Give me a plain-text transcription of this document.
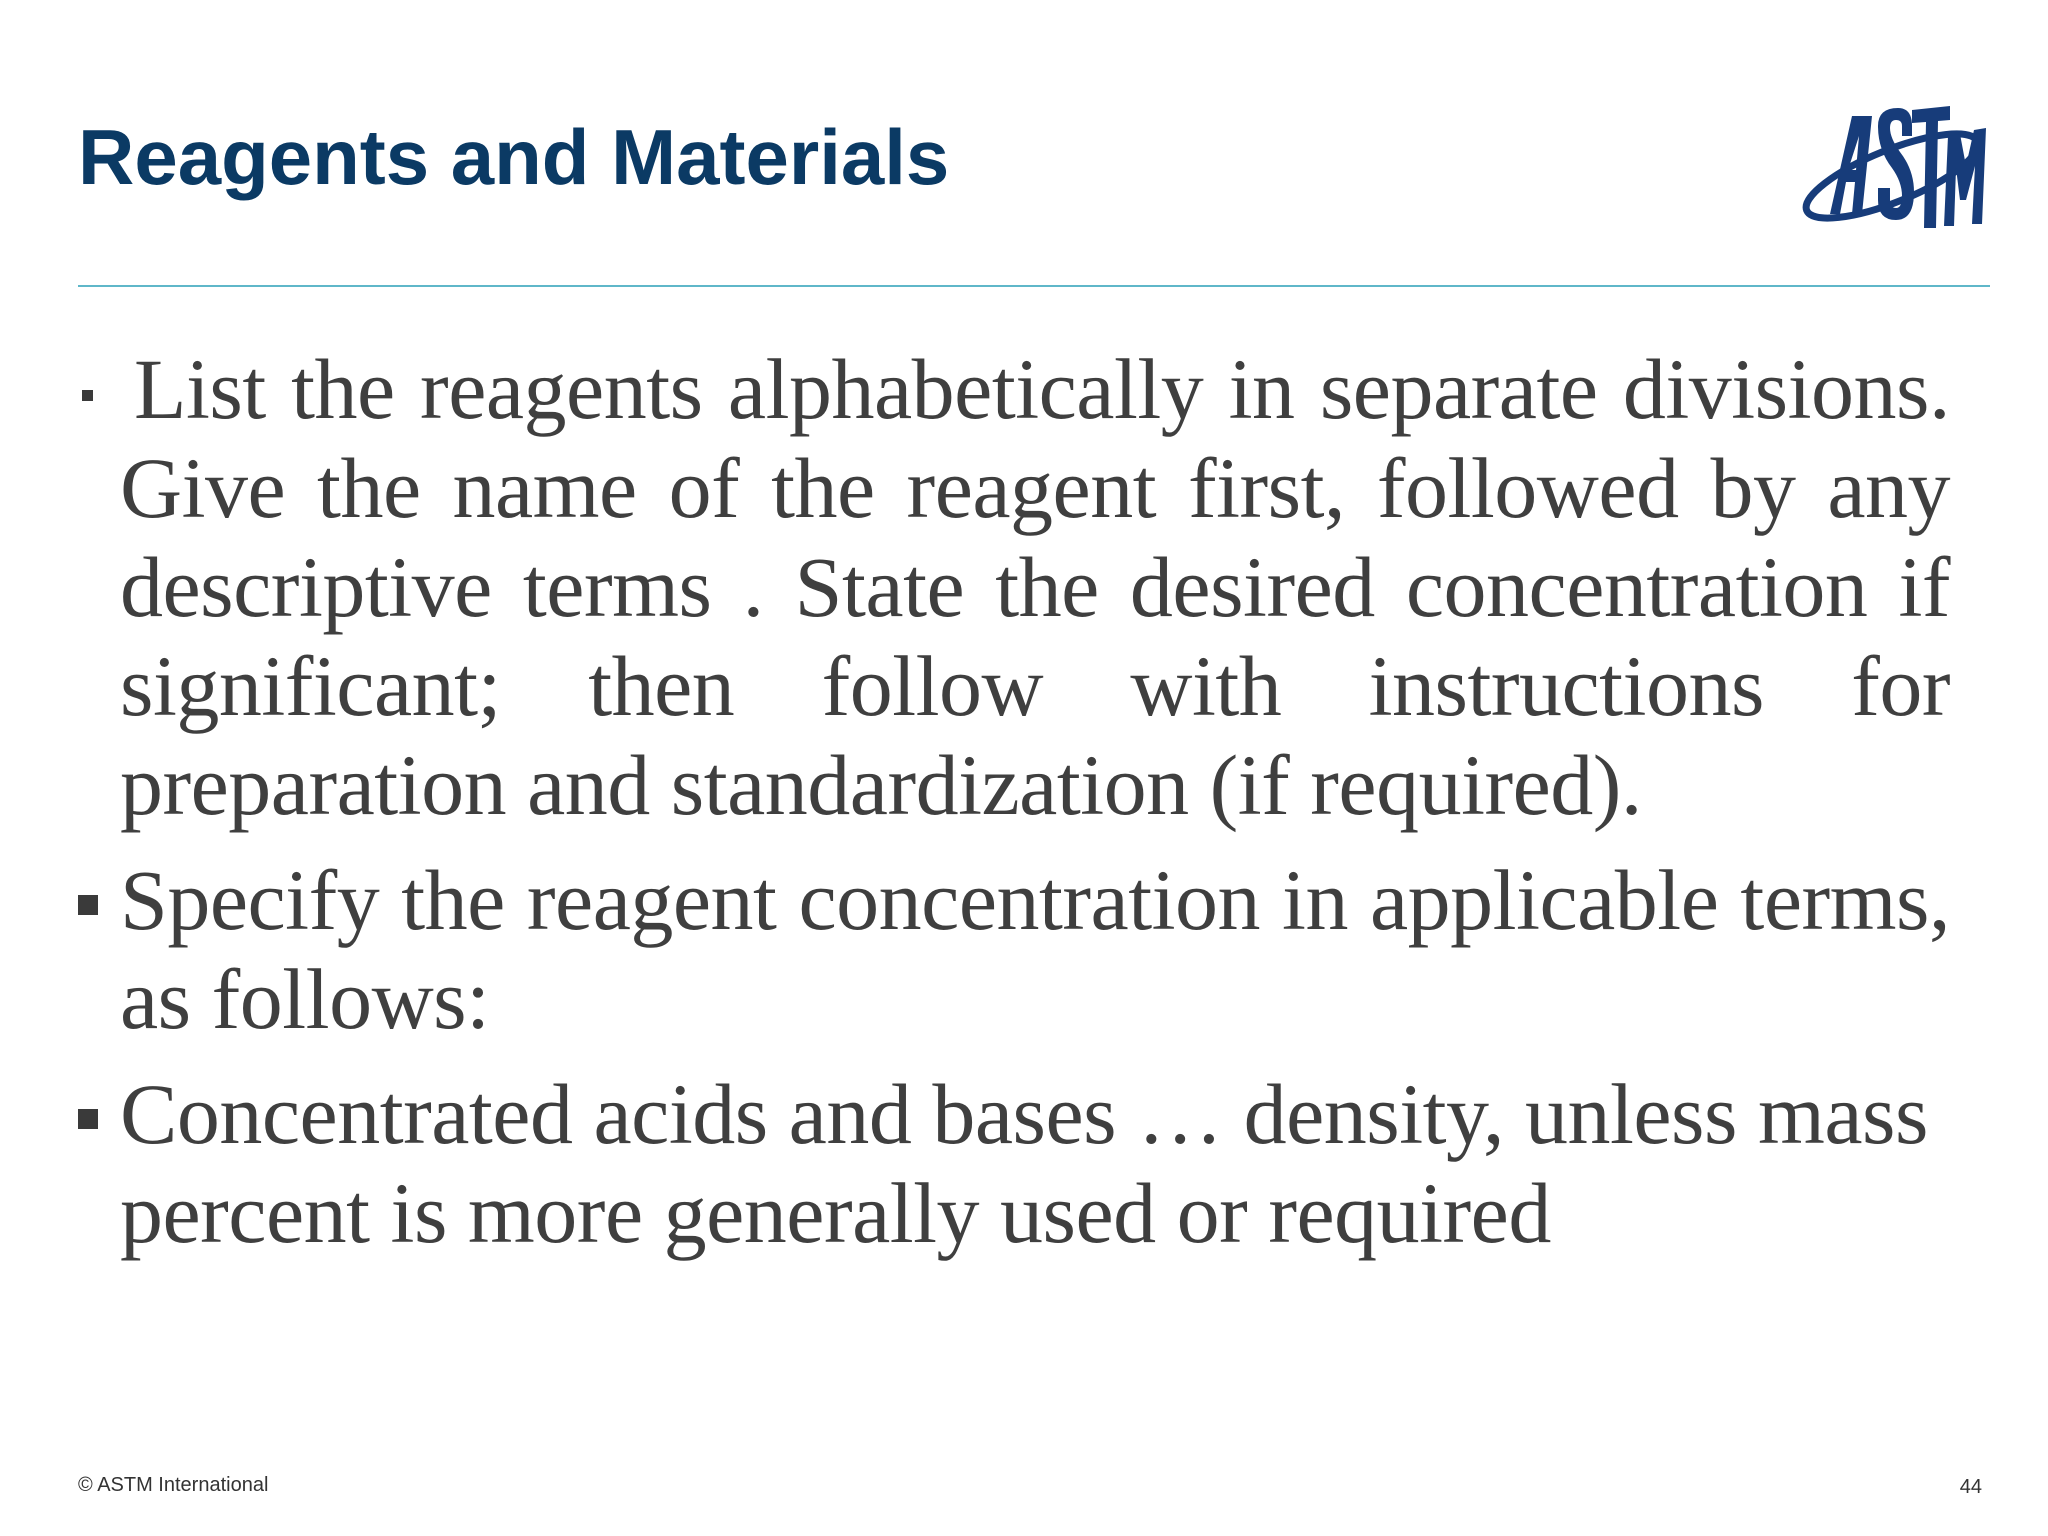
Reagents and Materials
ASTM
List the reagents alphabetically in separate divisions. Give the name of the reagent first, followed by any descriptive terms . State the desired concentration if significant; then follow with instructions for preparation and standardization (if required).
Specify the reagent concentration in applicable terms, as follows:
Concentrated acids and bases … density, unless mass percent is more generally used or required
© ASTM International	44
